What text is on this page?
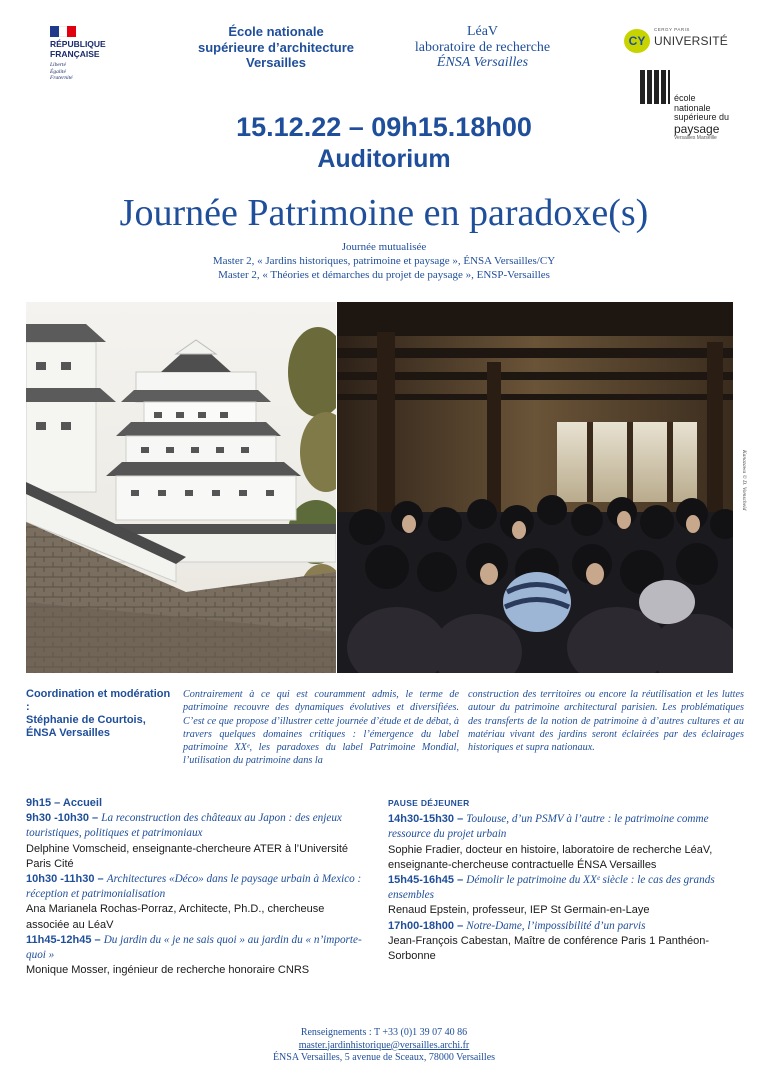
RÉPUBLIQUE
FRANÇAISE
Liberté
Égalité
Fraternité
École nationale
supérieure d’architecture
Versailles
LéaV
laboratoire de recherche
ÉNSA Versailles
CY
CERGY PARIS
UNIVERSITÉ
école
nationale
supérieure du
paysage
Versailles Marseille
15.12.22 – 09h15.18h00
Auditorium
Journée Patrimoine en paradoxe(s)
Journée mutualisée
Master 2, « Jardins historiques, patrimoine et paysage », ÉNSA Versailles/CY
Master 2, « Théories et démarches du projet de paysage », ENSP-Versailles
Kanazawa © D. Vomscheid
Coordination et modération :
Stéphanie de Courtois,
ÉNSA Versailles
Contrairement à ce qui est couramment admis, le terme de patrimoine recouvre des dynamiques évolutives et diversifiées. C’est ce que propose d’illustrer cette journée d’étude et de débat, à travers quelques domaines critiques : l’émergence du label patrimoine XXᵉ, les paradoxes du label Patrimoine Mondial, l’utilisation du patrimoine dans la
construction des territoires ou encore la réutilisation et les luttes autour du patrimoine architectural parisien. Les problématiques des transferts de la notion de patrimoine à d’autres cultures et au matériau vivant des jardins seront éclairées par des éclairages historiques et supra nationaux.

9h15 – Accueil

9h30 -10h30 – La reconstruction des châteaux au Japon : des enjeux touristiques, politiques et patrimoniaux

Delphine Vomscheid, enseignante-chercheure ATER à l’Université Paris Cité

10h30 -11h30 – Architectures «Déco» dans le paysage urbain à Mexico : réception et patrimonialisation

Ana Marianela Rochas-Porraz, Architecte, Ph.D., chercheuse associée au LéaV

11h45-12h45 – Du jardin du « je ne sais quoi » au jardin du « n’importe-quoi »

Monique Mosser, ingénieur de recherche honoraire CNRS

PAUSE DÉJEUNER

14h30-15h30 – Toulouse, d’un PSMV à l’autre : le patrimoine comme ressource du projet urbain

Sophie Fradier, docteur en histoire, laboratoire de recherche LéaV, enseignante-chercheuse contractuelle ÉNSA Versailles

15h45-16h45 – Démolir le patrimoine du XXᵉ siècle : le cas des grands ensembles

Renaud Epstein, professeur, IEP St Germain-en-Laye

17h00-18h00 – Notre-Dame, l’impossibilité d’un parvis

Jean-François Cabestan, Maître de conférence Paris 1 Panthéon-Sorbonne

Renseignements : T +33 (0)1 39 07 40 86
master.jardinhistorique@versailles.archi.fr
ÉNSA Versailles, 5 avenue de Sceaux, 78000 Versailles
